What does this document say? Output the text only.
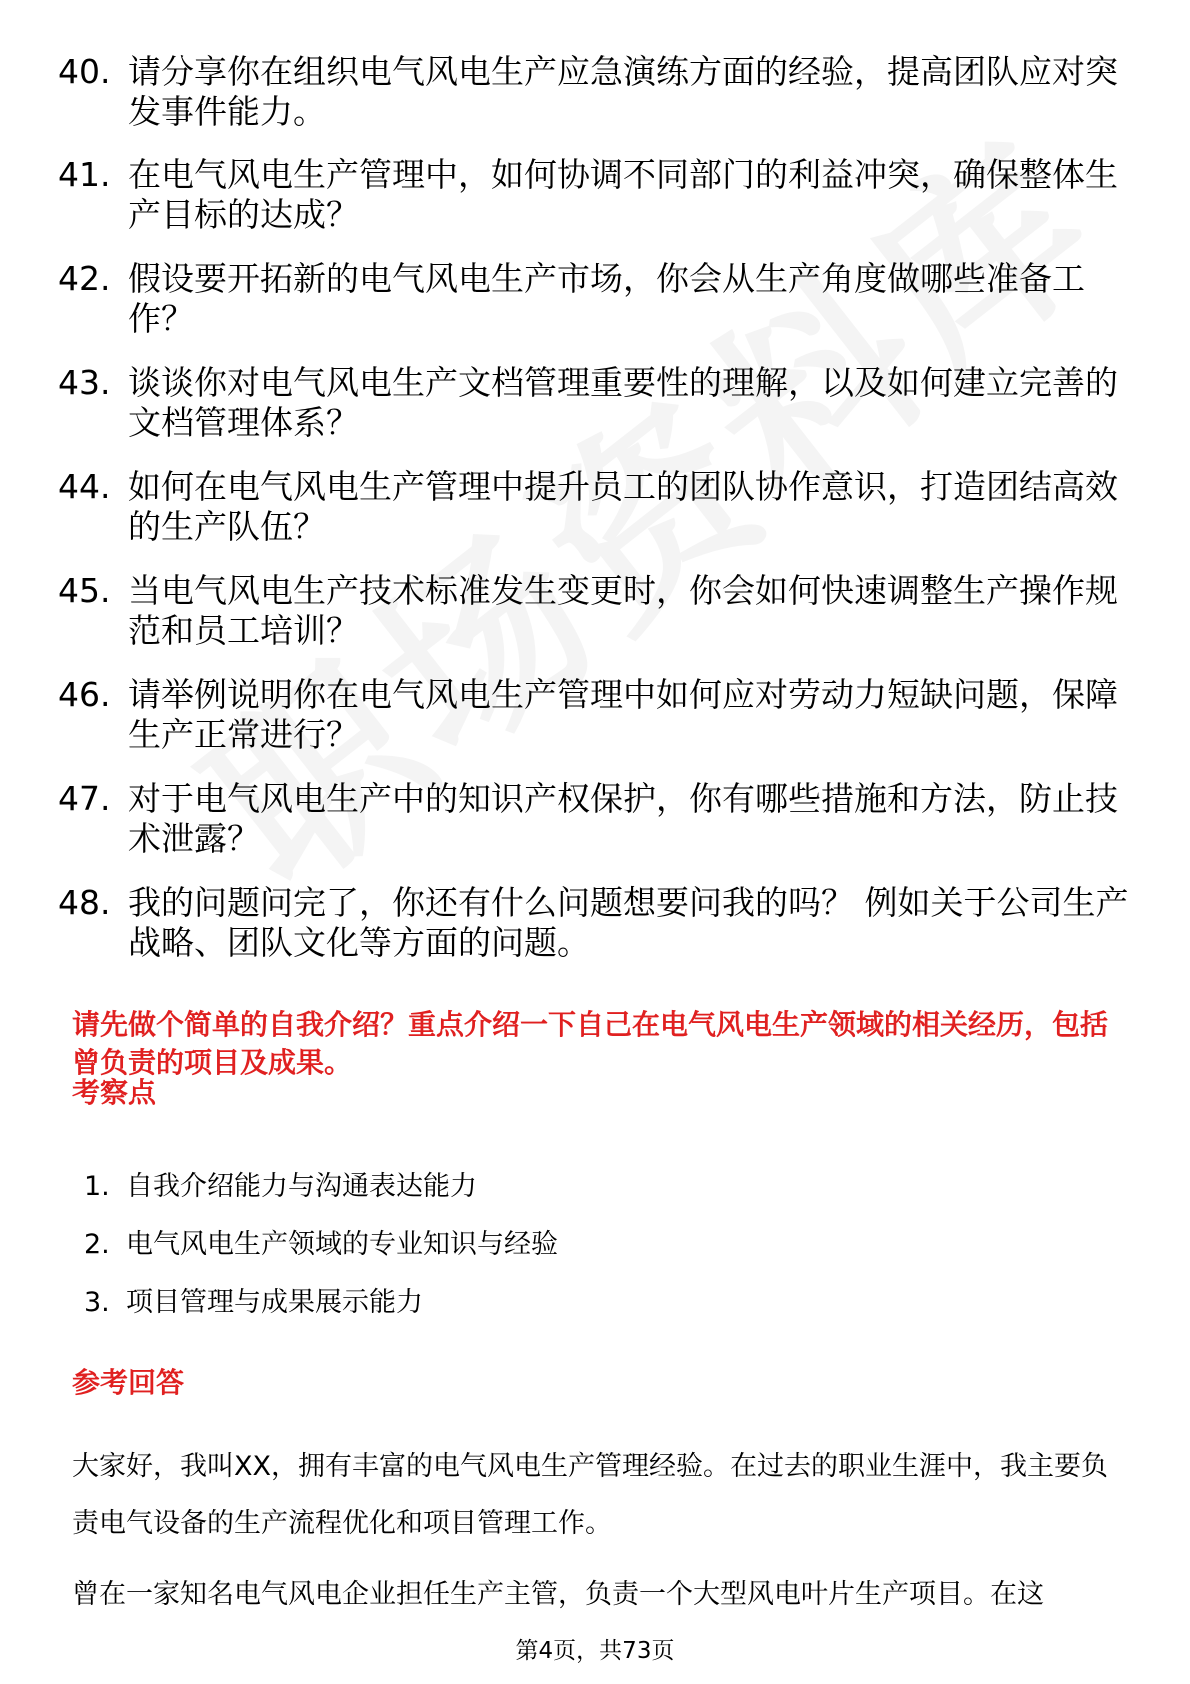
40. 请分享你在组织电气风电生产应急演练方面的经验，提高团队应对突发事件能力。
41. 在电气风电生产管理中，如何协调不同部门的利益冲突，确保整体生产目标的达成？
42. 假设要开拓新的电气风电生产市场，你会从生产角度做哪些准备工作？
43. 谈谈你对电气风电生产文档管理重要性的理解，以及如何建立完善的文档管理体系？
44. 如何在电气风电生产管理中提升员工的团队协作意识，打造团结高效的生产队伍？
45. 当电气风电生产技术标准发生变更时，你会如何快速调整生产操作规范和员工培训？
46. 请举例说明你在电气风电生产管理中如何应对劳动力短缺问题，保障生产正常进行？
47. 对于电气风电生产中的知识产权保护，你有哪些措施和方法，防止技术泄露？
48. 我的问题问完了，你还有什么问题想要问我的吗？ 例如关于公司生产战略、团队文化等方面的问题。
请先做个简单的自我介绍？重点介绍一下自己在电气风电生产领域的相关经历，包括曾负责的项目及成果。
考察点
1. 自我介绍能力与沟通表达能力
2. 电气风电生产领域的专业知识与经验
3. 项目管理与成果展示能力
参考回答
大家好，我叫XX，拥有丰富的电气风电生产管理经验。在过去的职业生涯中，我主要负责电气设备的生产流程优化和项目管理工作。
曾在一家知名电气风电企业担任生产主管，负责一个大型风电叶片生产项目。在这
第4页，共73页
